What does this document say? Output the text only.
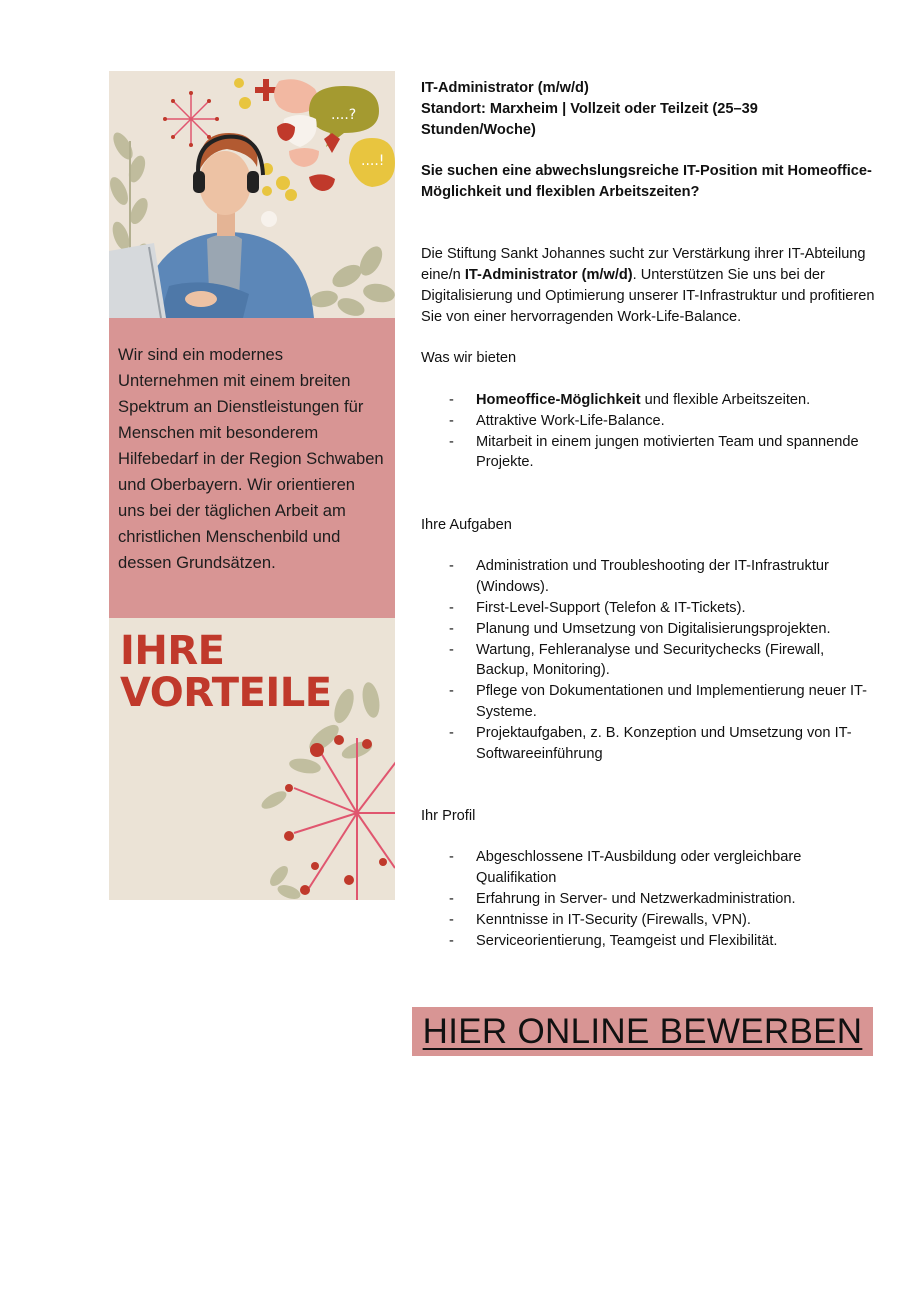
....?
....!

Wir sind ein modernes Unternehmen mit einem breiten Spektrum an Dienstleistungen für Menschen mit besonderem Hilfebedarf in der Region Schwaben und Oberbayern. Wir orientieren uns bei der täglichen Arbeit am christlichen Menschenbild und dessen Grundsätzen.

IHRE
VORTEILE

IT-Administrator (m/w/d)

Standort: Marxheim | Vollzeit oder Teilzeit (25–39 Stunden/Woche)

Sie suchen eine abwechslungsreiche IT-Position mit Homeoffice-Möglichkeit und flexiblen Arbeitszeiten?

Die Stiftung Sankt Johannes sucht zur Verstärkung ihrer IT-Abteilung eine/n IT-Administrator (m/w/d). Unterstützen Sie uns bei der Digitalisierung und Optimierung unserer IT-Infrastruktur und profitieren Sie von einer hervorragenden Work-Life-Balance.

Was wir bieten

- Homeoffice-Möglichkeit und flexible Arbeitszeiten.
- Attraktive Work-Life-Balance.
- Mitarbeit in einem jungen motivierten Team und spannende Projekte.

Ihre Aufgaben

- Administration und Troubleshooting der IT-Infrastruktur (Windows).
- First-Level-Support (Telefon & IT-Tickets).
- Planung und Umsetzung von Digitalisierungsprojekten.
- Wartung, Fehleranalyse und Securitychecks (Firewall, Backup, Monitoring).
- Pflege von Dokumentationen und Implementierung neuer IT-Systeme.
- Projektaufgaben, z. B. Konzeption und Umsetzung von IT-Softwareeinführung

Ihr Profil

- Abgeschlossene IT-Ausbildung oder vergleichbare Qualifikation
- Erfahrung in Server- und Netzwerkadministration.
- Kenntnisse in IT-Security (Firewalls, VPN).
- Serviceorientierung, Teamgeist und Flexibilität.
HIER ONLINE BEWERBEN
